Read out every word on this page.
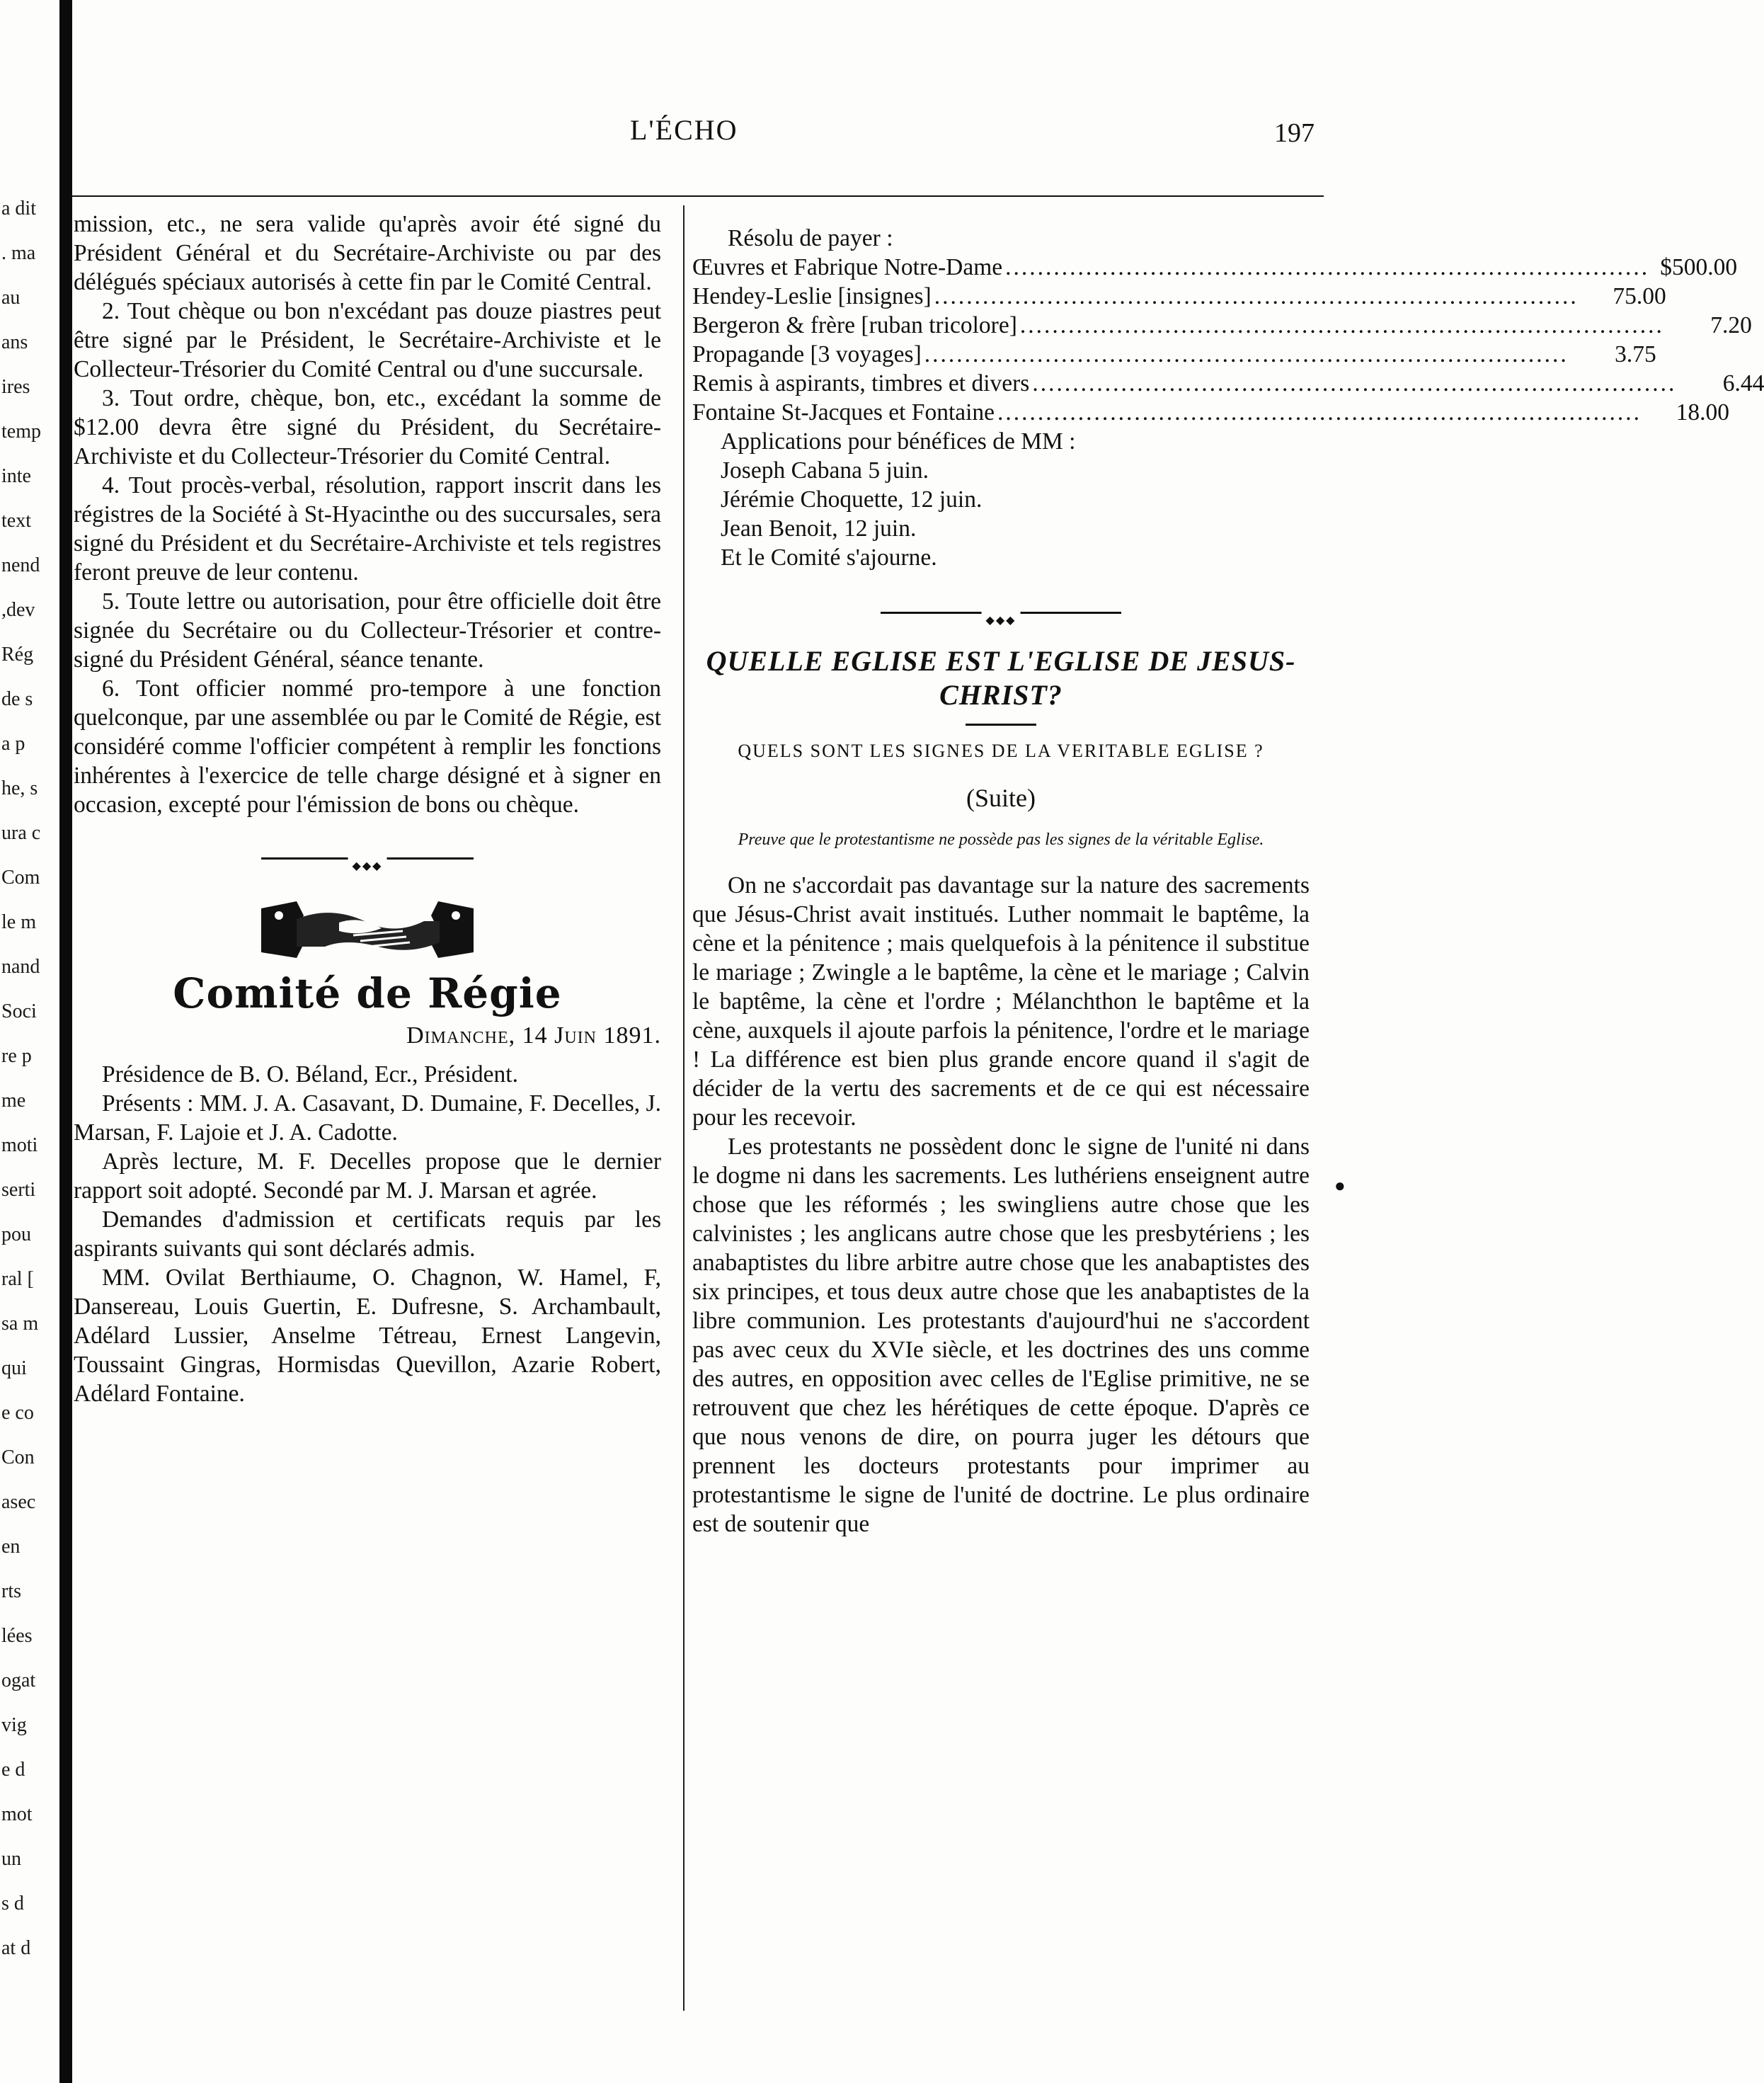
a dit
. ma
au
ans
ires
temp
inte
text
nend
,dev
Rég
de s
a p
he, s
ura c
Com
le m
nand
Soci
re p
me
moti
serti
pou
ral [
sa m
qui
e co
Con
asec
en
rts
lées
ogat
vig
e d
mot
un
s d
at d
L'ÉCHO	197

mission, etc., ne sera valide qu'après avoir été signé du Président Général et du Secrétaire-Archiviste ou par des délégués spéciaux autorisés à cette fin par le Comité Central.

2. Tout chèque ou bon n'excédant pas douze piastres peut être signé par le Président, le Secrétaire-Archiviste et le Collecteur-Trésorier du Comité Central ou d'une succursale.

3. Tout ordre, chèque, bon, etc., excédant la somme de $12.00 devra être signé du Président, du Secrétaire-Archiviste et du Collecteur-Trésorier du Comité Central.

4. Tout procès-verbal, résolution, rapport inscrit dans les régistres de la Société à St-Hyacinthe ou des succursales, sera signé du Président et du Secrétaire-Archiviste et tels registres feront preuve de leur contenu.

5. Toute lettre ou autorisation, pour être officielle doit être signée du Secrétaire ou du Collecteur-Trésorier et contre-signé du Président Général, séance tenante.

6. Tont officier nommé pro-tempore à une fonction quelconque, par une assemblée ou par le Comité de Régie, est considéré comme l'officier compétent à remplir les fonctions inhérentes à l'exercice de telle charge désigné et à signer en occasion, excepté pour l'émission de bons ou chèque.

◆◆◆
Comité de Régie
Dimanche, 14 Juin 1891.

Présidence de B. O. Béland, Ecr., Président.

Présents : MM. J. A. Casavant, D. Dumaine, F. Decelles, J. Marsan, F. Lajoie et J. A. Cadotte.

Après lecture, M. F. Decelles propose que le dernier rapport soit adopté. Secondé par M. J. Marsan et agrée.

Demandes d'admission et certificats requis par les aspirants suivants qui sont déclarés admis.

MM. Ovilat Berthiaume, O. Chagnon, W. Hamel, F, Dansereau, Louis Guertin, E. Dufresne, S. Archambault, Adélard Lussier, Anselme Tétreau, Ernest Langevin, Toussaint Gingras, Hormisdas Quevillon, Azarie Robert, Adélard Fontaine.

Résolu de payer :

Œuvres et Fabrique Notre-Dame ................................................................................ $500.00
Hendey-Leslie [insignes] ................................................................................	75.00
Bergeron & frère [ruban tricolore] ................................................................................	7.20
Propagande [3 voyages] ................................................................................	3.75
Remis à aspirants, timbres et divers ................................................................................	6.44
Fontaine St-Jacques et Fontaine ................................................................................	18.00

Applications pour bénéfices de MM :

Joseph Cabana 5 juin.

Jérémie Choquette, 12 juin.

Jean Benoit, 12 juin.

Et le Comité s'ajourne.

◆◆◆
QUELLE EGLISE EST L'EGLISE DE JESUS-CHRIST?
QUELS SONT LES SIGNES DE LA VERITABLE EGLISE ?
(Suite)
Preuve que le protestantisme ne possède pas les signes de la véritable Eglise.

On ne s'accordait pas davantage sur la nature des sacrements que Jésus-Christ avait institués. Luther nommait le baptême, la cène et la pénitence ; mais quelquefois à la pénitence il substitue le mariage ; Zwingle a le baptême, la cène et le mariage ; Calvin le baptême, la cène et l'ordre ; Mélanchthon le baptême et la cène, auxquels il ajoute parfois la pénitence, l'ordre et le mariage ! La différence est bien plus grande encore quand il s'agit de décider de la vertu des sacrements et de ce qui est nécessaire pour les recevoir.

Les protestants ne possèdent donc le signe de l'unité ni dans le dogme ni dans les sacrements. Les luthériens enseignent autre chose que les réformés ; les swingliens autre chose que les calvinistes ; les anglicans autre chose que les presbytériens ; les anabaptistes du libre arbitre autre chose que les anabaptistes des six principes, et tous deux autre chose que les anabaptistes de la libre communion. Les protestants d'aujourd'hui ne s'accordent pas avec ceux du XVIe siècle, et les doctrines des uns comme des autres, en opposition avec celles de l'Eglise primitive, ne se retrouvent que chez les hérétiques de cette époque. D'après ce que nous venons de dire, on pourra juger les détours que prennent les docteurs protestants pour imprimer au protestantisme le signe de l'unité de doctrine. Le plus ordinaire est de soutenir que

●
